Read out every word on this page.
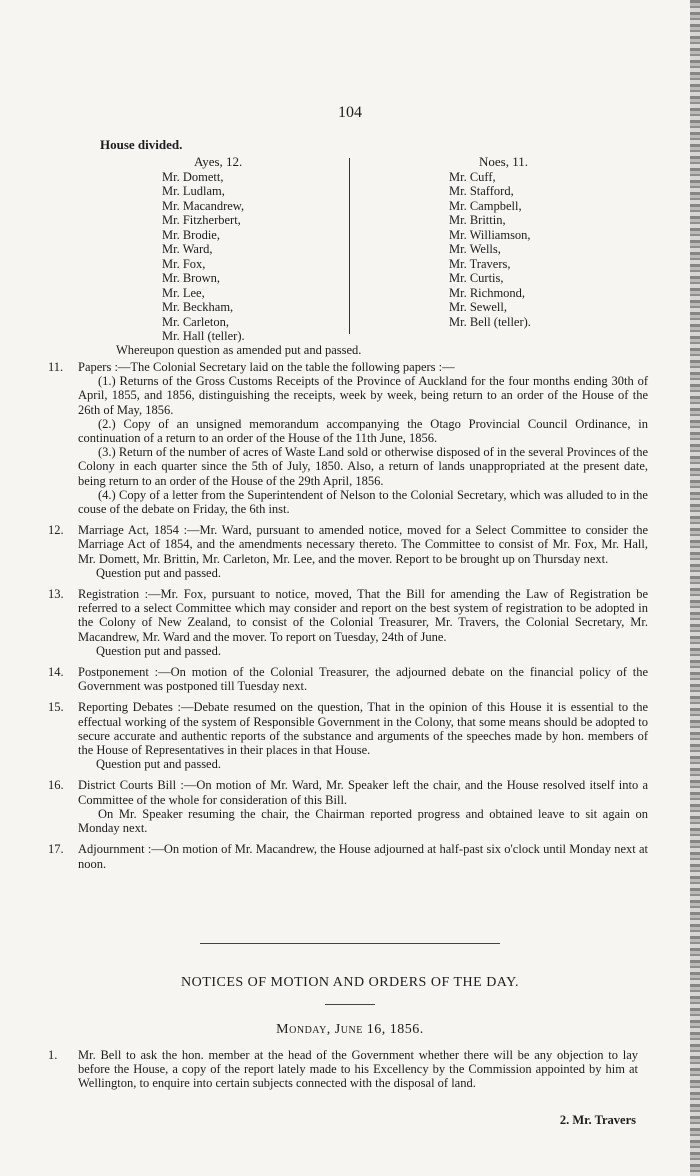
104
House divided.
Ayes, 12.
Mr. Domett,
Mr. Ludlam,
Mr. Macandrew,
Mr. Fitzherbert,
Mr. Brodie,
Mr. Ward,
Mr. Fox,
Mr. Brown,
Mr. Lee,
Mr. Beckham,
Mr. Carleton,
Mr. Hall (teller).
Noes, 11.
Mr. Cuff,
Mr. Stafford,
Mr. Campbell,
Mr. Brittin,
Mr. Williamson,
Mr. Wells,
Mr. Travers,
Mr. Curtis,
Mr. Richmond,
Mr. Sewell,
Mr. Bell (teller).
Whereupon question as amended put and passed.
11. Papers :—The Colonial Secretary laid on the table the following papers :—
(1.) Returns of the Gross Customs Receipts of the Province of Auckland for the four months ending 30th of April, 1855, and 1856, distinguishing the receipts, week by week, being return to an order of the House of the 26th of May, 1856.
(2.) Copy of an unsigned memorandum accompanying the Otago Provincial Council Ordinance, in continuation of a return to an order of the House of the 11th June, 1856.
(3.) Return of the number of acres of Waste Land sold or otherwise disposed of in the several Provinces of the Colony in each quarter since the 5th of July, 1850. Also, a return of lands unappropriated at the present date, being return to an order of the House of the 29th April, 1856.
(4.) Copy of a letter from the Superintendent of Nelson to the Colonial Secretary, which was alluded to in the couse of the debate on Friday, the 6th inst.
12. Marriage Act, 1854 :—Mr. Ward, pursuant to amended notice, moved for a Select Committee to consider the Marriage Act of 1854, and the amendments necessary thereto. The Committee to consist of Mr. Fox, Mr. Hall, Mr. Domett, Mr. Brittin, Mr. Carleton, Mr. Lee, and the mover. Report to be brought up on Thursday next.
Question put and passed.
13. Registration :—Mr. Fox, pursuant to notice, moved, That the Bill for amending the Law of Registration be referred to a select Committee which may consider and report on the best system of registration to be adopted in the Colony of New Zealand, to consist of the Colonial Treasurer, Mr. Travers, the Colonial Secretary, Mr. Macandrew, Mr. Ward and the mover. To report on Tuesday, 24th of June.
Question put and passed.
14. Postponement :—On motion of the Colonial Treasurer, the adjourned debate on the financial policy of the Government was postponed till Tuesday next.
15. Reporting Debates :—Debate resumed on the question, That in the opinion of this House it is essential to the effectual working of the system of Responsible Government in the Colony, that some means should be adopted to secure accurate and authentic reports of the substance and arguments of the speeches made by hon. members of the House of Representatives in their places in that House.
Question put and passed.
16. District Courts Bill :—On motion of Mr. Ward, Mr. Speaker left the chair, and the House resolved itself into a Committee of the whole for consideration of this Bill.
On Mr. Speaker resuming the chair, the Chairman reported progress and obtained leave to sit again on Monday next.
17. Adjournment :—On motion of Mr. Macandrew, the House adjourned at half-past six o'clock until Monday next at noon.
NOTICES OF MOTION AND ORDERS OF THE DAY.
Monday, June 16, 1856.
1. Mr. Bell to ask the hon. member at the head of the Government whether there will be any objection to lay before the House, a copy of the report lately made to his Excellency by the Commission appointed by him at Wellington, to enquire into certain subjects connected with the disposal of land.
2. Mr. Travers
